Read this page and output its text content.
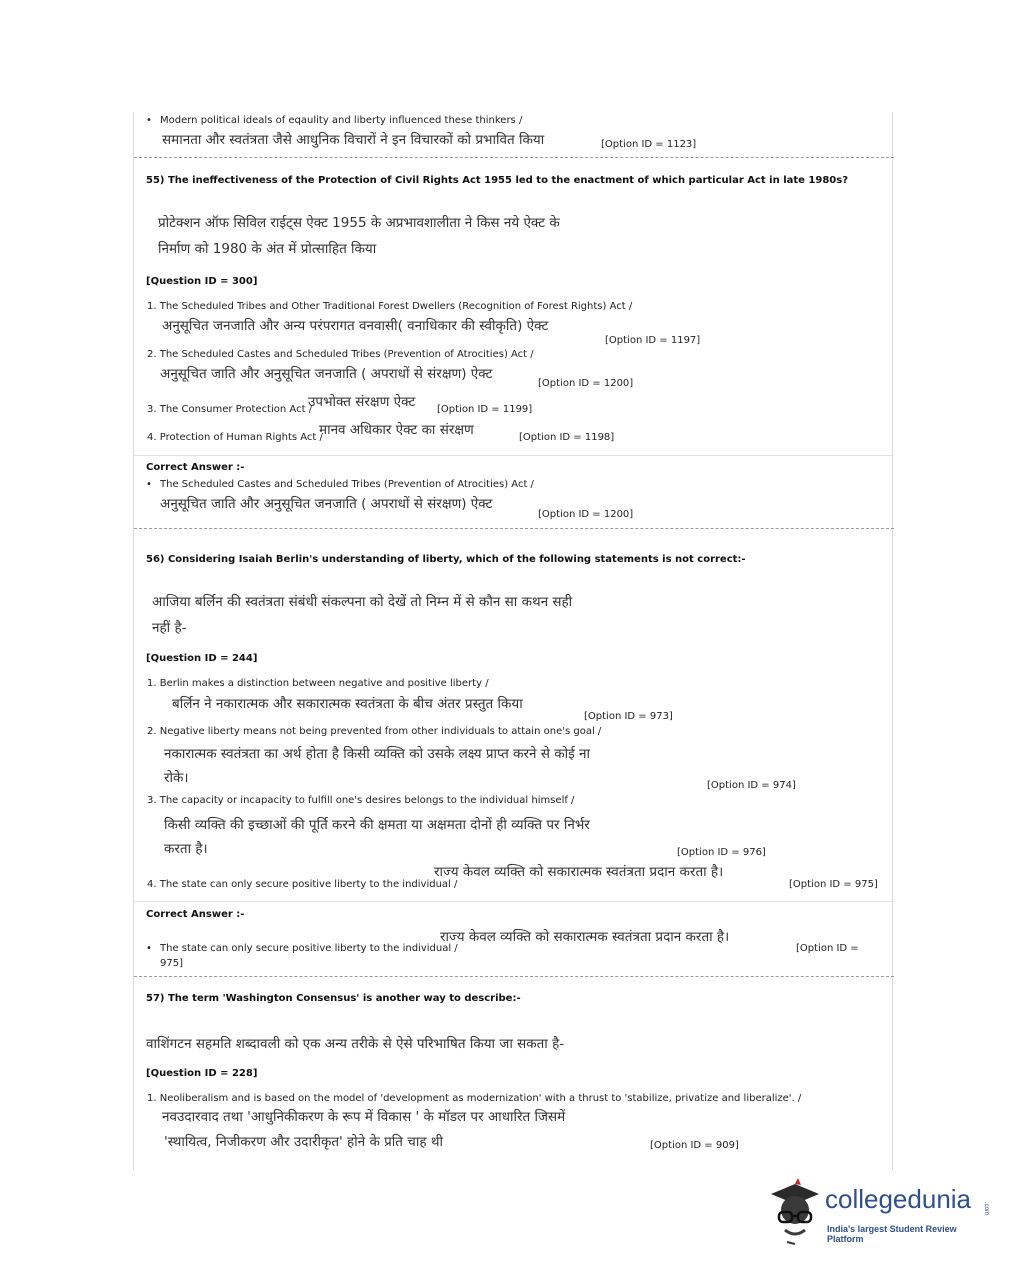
• Modern political ideals of eqaulity and liberty influenced these thinkers /
समानता और स्वतंत्रता जैसे आधुनिक विचारों ने इन विचारकों को प्रभावित किया	[Option ID = 1123]
55) The ineffectiveness of the Protection of Civil Rights Act 1955 led to the enactment of which particular Act in late 1980s?
प्रोटेक्शन ऑफ सिविल राईट्स ऐक्ट 1955 के अप्रभावशालीता ने किस नये ऐक्ट के
निर्माण को 1980 के अंत में प्रोत्साहित किया
[Question ID = 300]
1. The Scheduled Tribes and Other Traditional Forest Dwellers (Recognition of Forest Rights) Act /
अनुसूचित जनजाति और अन्य परंपरागत वनवासी( वनाधिकार की स्वीकृति) ऐक्ट
[Option ID = 1197]
2. The Scheduled Castes and Scheduled Tribes (Prevention of Atrocities) Act /
अनुसूचित जाति और अनुसूचित जनजाति ( अपराधों से संरक्षण) ऐक्ट
[Option ID = 1200]
उपभोक्त संरक्षण ऐक्ट
3. The Consumer Protection Act /	[Option ID = 1199]
मानव अधिकार ऐक्ट का संरक्षण
4. Protection of Human Rights Act /	[Option ID = 1198]
Correct Answer :-
• The Scheduled Castes and Scheduled Tribes (Prevention of Atrocities) Act /
अनुसूचित जाति और अनुसूचित जनजाति ( अपराधों से संरक्षण) ऐक्ट
[Option ID = 1200]
56) Considering Isaiah Berlin's understanding of liberty, which of the following statements is not correct:-
आजिया बर्लिन की स्वतंत्रता संबंधी संकल्पना को देखें तो निम्न में से कौन सा कथन सही
नहीं है-
[Question ID = 244]
1. Berlin makes a distinction between negative and positive liberty /
बर्लिन ने नकारात्मक और सकारात्मक स्वतंत्रता के बीच अंतर प्रस्तुत किया
[Option ID = 973]
2. Negative liberty means not being prevented from other individuals to attain one's goal /
नकारात्मक स्वतंत्रता का अर्थ होता है किसी व्यक्ति को उसके लक्ष्य प्राप्त करने से कोई ना
रोके।	[Option ID = 974]
3. The capacity or incapacity to fulfill one's desires belongs to the individual himself /
किसी व्यक्ति की इच्छाओं की पूर्ति करने की क्षमता या अक्षमता दोनों ही व्यक्ति पर निर्भर
करता है।	[Option ID = 976]
राज्य केवल व्यक्ति को सकारात्मक स्वतंत्रता प्रदान करता है।
4. The state can only secure positive liberty to the individual /	[Option ID = 975]
Correct Answer :-
राज्य केवल व्यक्ति को सकारात्मक स्वतंत्रता प्रदान करता है।
• The state can only secure positive liberty to the individual /	[Option ID =
975]
57) The term 'Washington Consensus' is another way to describe:-
वाशिंगटन सहमति शब्दावली को एक अन्य तरीके से ऐसे परिभाषित किया जा सकता है-
[Question ID = 228]
1. Neoliberalism and is based on the model of 'development as modernization' with a thrust to 'stabilize, privatize and liberalize'. /
नवउदारवाद तथा 'आधुनिकीकरण के रूप में विकास ' के मॉडल पर आधारित जिसमें
'स्थायित्व, निजीकरण और उदारीकृत' होने के प्रति चाह थी	[Option ID = 909]
collegedunia .com
India's largest Student Review Platform
